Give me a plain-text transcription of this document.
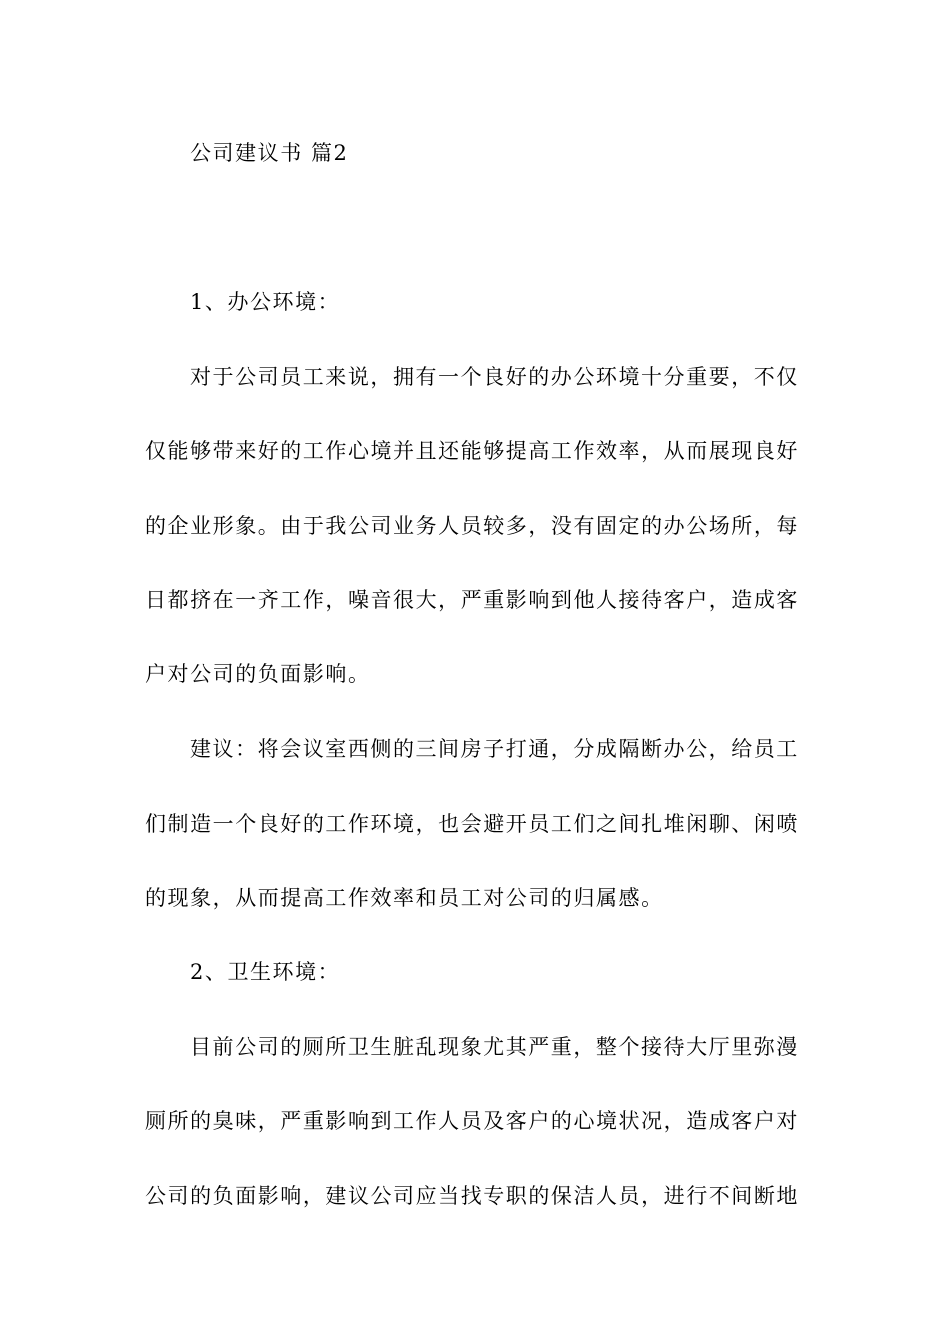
公司建议书 篇2
1、办公环境：
对于公司员工来说，拥有一个良好的办公环境十分重要，不仅
仅能够带来好的工作心境并且还能够提高工作效率，从而展现良好
的企业形象。由于我公司业务人员较多，没有固定的办公场所，每
日都挤在一齐工作，噪音很大，严重影响到他人接待客户，造成客
户对公司的负面影响。
建议：将会议室西侧的三间房子打通，分成隔断办公，给员工
们制造一个良好的工作环境，也会避开员工们之间扎堆闲聊、闲喷
的现象，从而提高工作效率和员工对公司的归属感。
2、卫生环境：
目前公司的厕所卫生脏乱现象尤其严重，整个接待大厅里弥漫
厕所的臭味，严重影响到工作人员及客户的心境状况，造成客户对
公司的负面影响，建议公司应当找专职的保洁人员，进行不间断地
